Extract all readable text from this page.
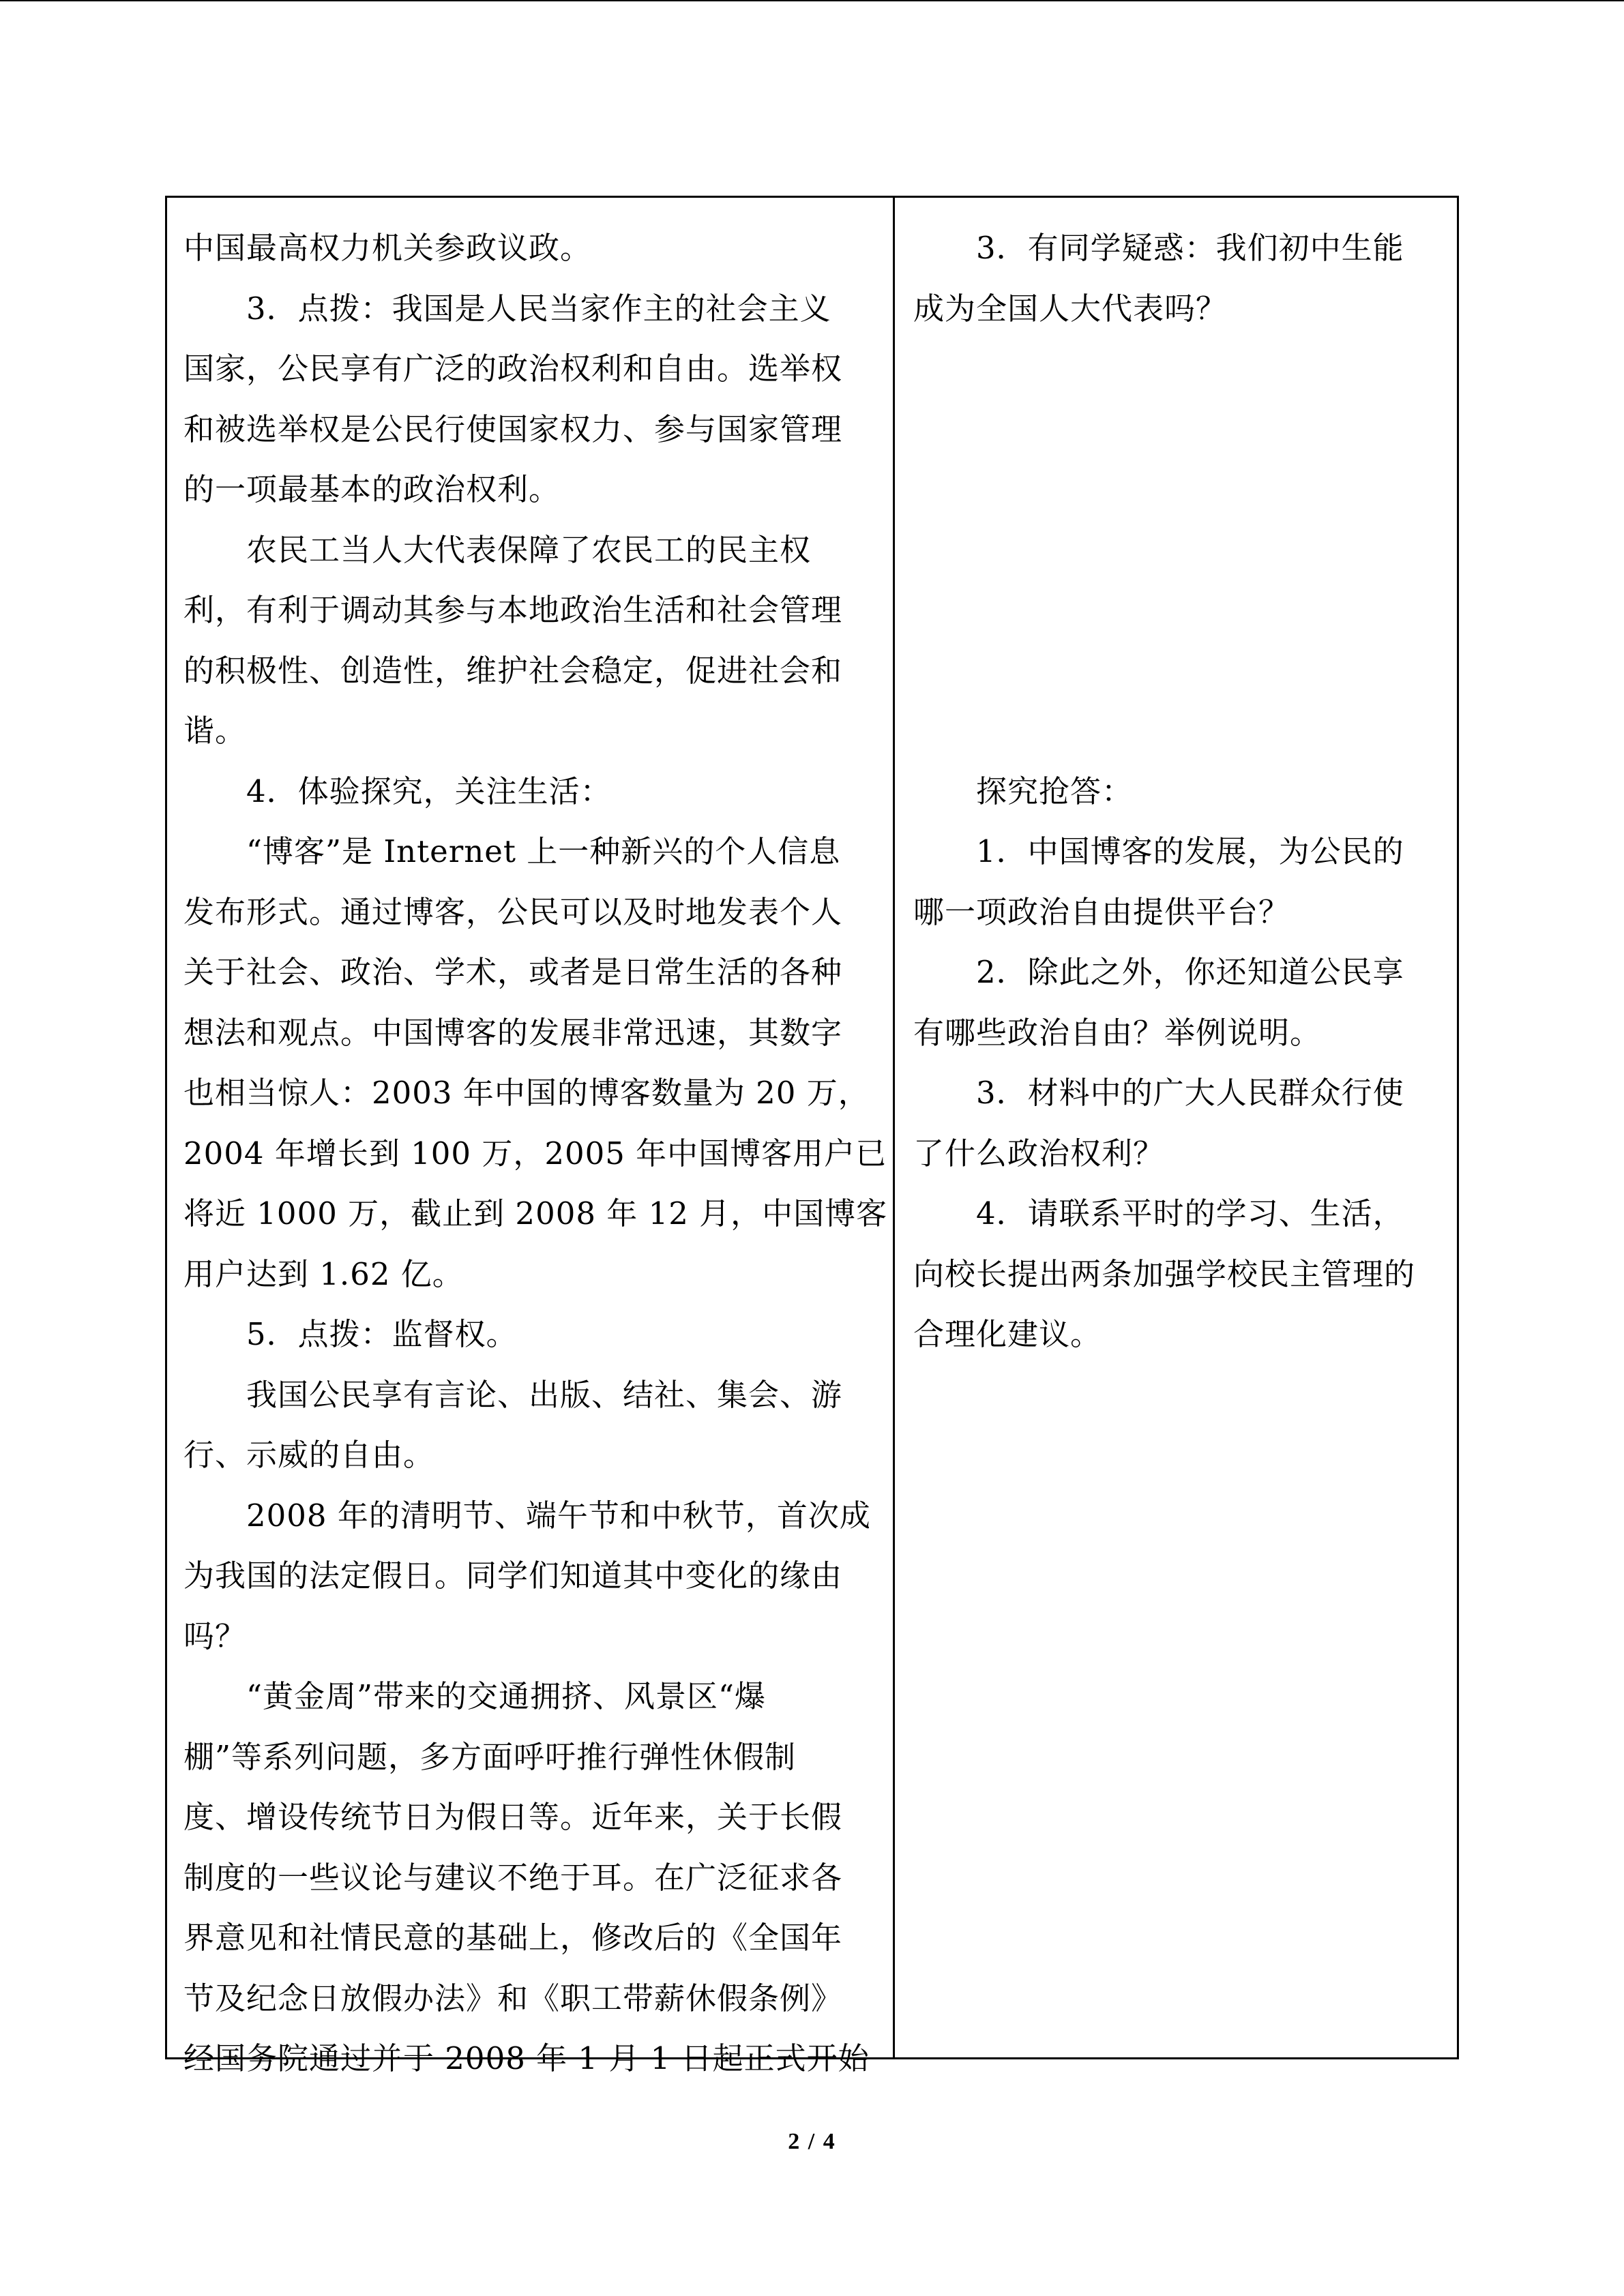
中国最高权力机关参政议政。

　　3．点拨：我国是人民当家作主的社会主义

国家，公民享有广泛的政治权利和自由。选举权

和被选举权是公民行使国家权力、参与国家管理

的一项最基本的政治权利。

　　农民工当人大代表保障了农民工的民主权

利，有利于调动其参与本地政治生活和社会管理

的积极性、创造性，维护社会稳定，促进社会和

谐。

　　4．体验探究，关注生活：

　　“博客”是 Internet 上一种新兴的个人信息

发布形式。通过博客，公民可以及时地发表个人

关于社会、政治、学术，或者是日常生活的各种

想法和观点。中国博客的发展非常迅速，其数字

也相当惊人：2003 年中国的博客数量为 20 万，

2004 年增长到 100 万，2005 年中国博客用户已

将近 1000 万，截止到 2008 年 12 月，中国博客

用户达到 1.62 亿。

　　5．点拨：监督权。

　　我国公民享有言论、出版、结社、集会、游

行、示威的自由。

　　2008 年的清明节、端午节和中秋节，首次成

为我国的法定假日。同学们知道其中变化的缘由

吗？

　　“黄金周”带来的交通拥挤、风景区“爆

棚”等系列问题，多方面呼吁推行弹性休假制

度、增设传统节日为假日等。近年来，关于长假

制度的一些议论与建议不绝于耳。在广泛征求各

界意见和社情民意的基础上，修改后的《全国年

节及纪念日放假办法》和《职工带薪休假条例》

经国务院通过并于 2008 年 1 月 1 日起正式开始

　　3．有同学疑惑：我们初中生能

成为全国人大代表吗？

　　探究抢答：

　　1．中国博客的发展，为公民的

哪一项政治自由提供平台？

　　2．除此之外，你还知道公民享

有哪些政治自由？举例说明。

　　3．材料中的广大人民群众行使

了什么政治权利？

　　4．请联系平时的学习、生活，

向校长提出两条加强学校民主管理的

合理化建议。

2 / 4
